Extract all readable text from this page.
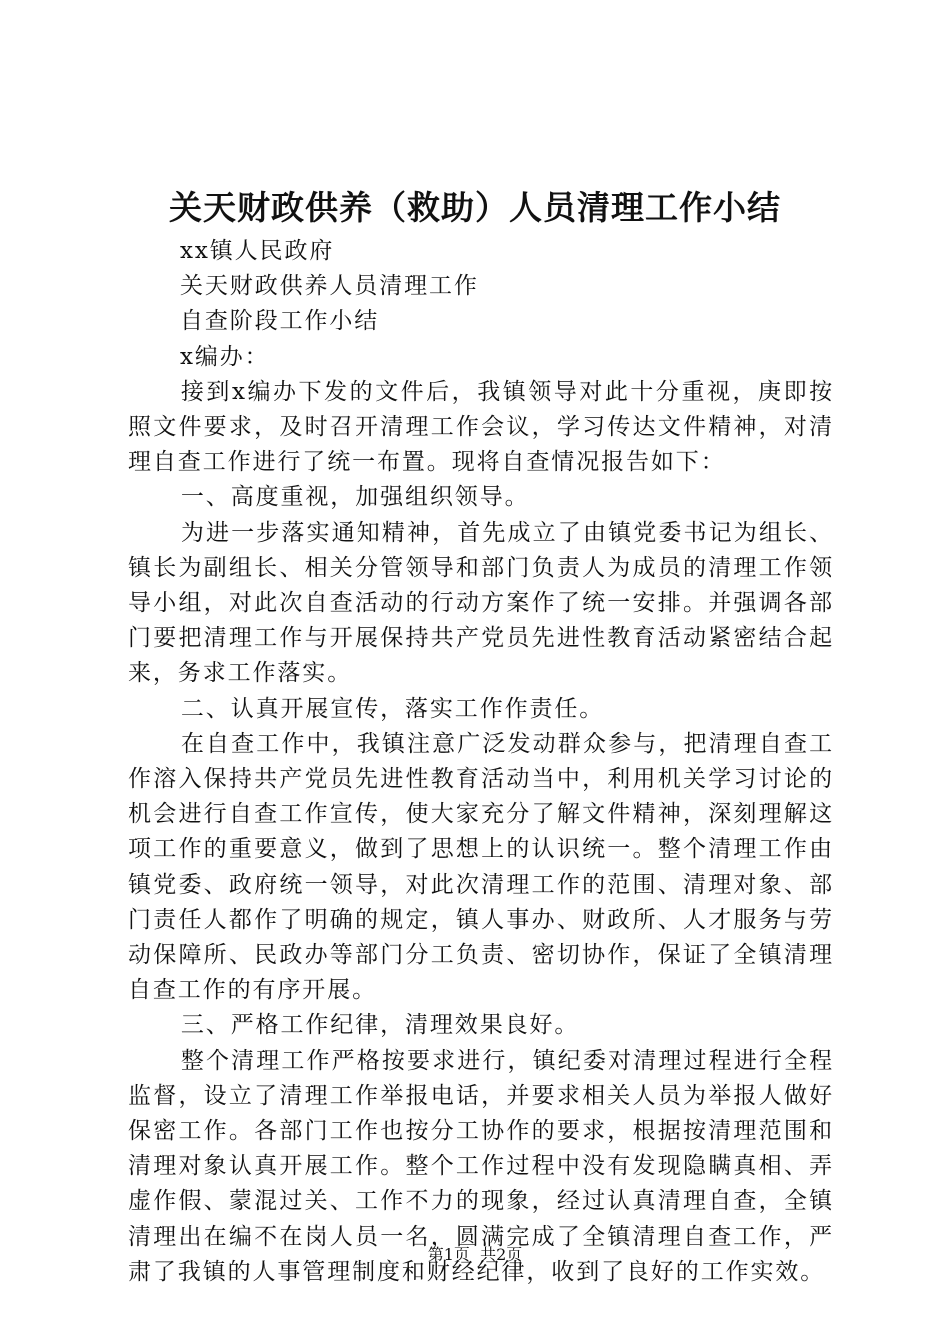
关天财政供养（救助）人员清理工作小结

xx镇人民政府

关天财政供养人员清理工作

自查阶段工作小结

x编办：

接到x编办下发的文件后，我镇领导对此十分重视，庚即按照文件要求，及时召开清理工作会议，学习传达文件精神，对清理自查工作进行了统一布置。现将自查情况报告如下：

一、高度重视，加强组织领导。

为进一步落实通知精神，首先成立了由镇党委书记为组长、镇长为副组长、相关分管领导和部门负责人为成员的清理工作领导小组，对此次自查活动的行动方案作了统一安排。并强调各部门要把清理工作与开展保持共产党员先进性教育活动紧密结合起来，务求工作落实。

二、认真开展宣传，落实工作作责任。

在自查工作中，我镇注意广泛发动群众参与，把清理自查工作溶入保持共产党员先进性教育活动当中，利用机关学习讨论的机会进行自查工作宣传，使大家充分了解文件精神，深刻理解这项工作的重要意义，做到了思想上的认识统一。整个清理工作由镇党委、政府统一领导，对此次清理工作的范围、清理对象、部门责任人都作了明确的规定，镇人事办、财政所、人才服务与劳动保障所、民政办等部门分工负责、密切协作，保证了全镇清理自查工作的有序开展。

三、严格工作纪律，清理效果良好。

整个清理工作严格按要求进行，镇纪委对清理过程进行全程监督，设立了清理工作举报电话，并要求相关人员为举报人做好保密工作。各部门工作也按分工协作的要求，根据按清理范围和清理对象认真开展工作。整个工作过程中没有发现隐瞒真相、弄虚作假、蒙混过关、工作不力的现象，经过认真清理自查，全镇清理出在编不在岗人员一名，圆满完成了全镇清理自查工作，严肃了我镇的人事管理制度和财经纪律，收到了良好的工作实效。

第1页  共2页
